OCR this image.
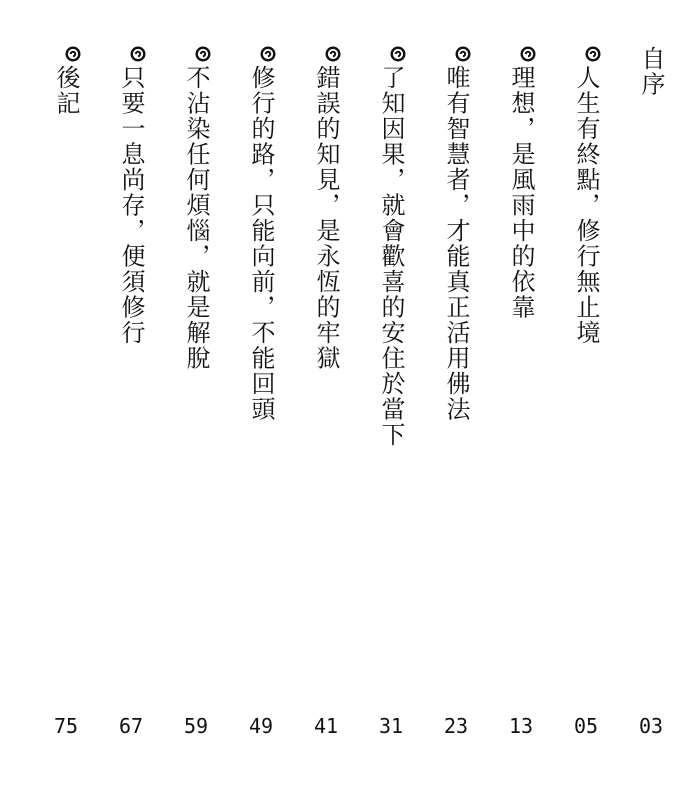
自序
03
人生有終點，修行無止境
05
理想，是風雨中的依靠
13
唯有智慧者，才能真正活用佛法
23
了知因果，就會歡喜的安住於當下
31
錯誤的知見，是永恆的牢獄
41
修行的路，只能向前，不能回頭
49
不沾染任何煩惱，就是解脫
59
只要一息尚存，便須修行
67
後記
75
